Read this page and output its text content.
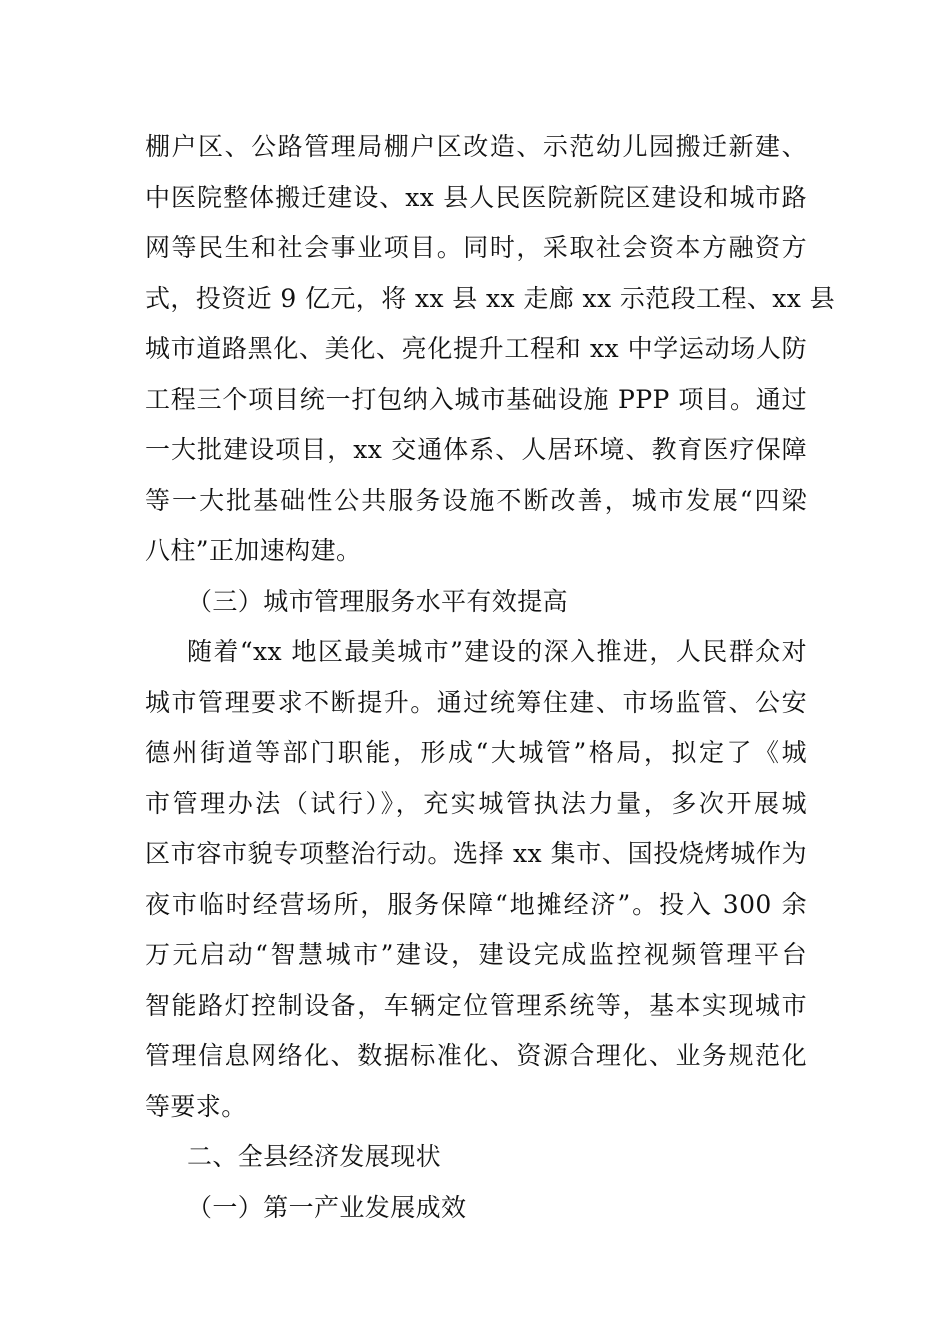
棚户区、公路管理局棚户区改造、示范幼儿园搬迁新建、
中医院整体搬迁建设、xx 县人民医院新院区建设和城市路
网等民生和社会事业项目。同时，采取社会资本方融资方
式，投资近 9 亿元，将 xx 县 xx 走廊 xx 示范段工程、xx 县
城市道路黑化、美化、亮化提升工程和 xx 中学运动场人防
工程三个项目统一打包纳入城市基础设施 PPP 项目。通过
一大批建设项目，xx 交通体系、人居环境、教育医疗保障
等一大批基础性公共服务设施不断改善，城市发展“四梁
八柱”正加速构建。
（三）城市管理服务水平有效提高
随着“xx 地区最美城市”建设的深入推进，人民群众对
城市管理要求不断提升。通过统筹住建、市场监管、公安
德州街道等部门职能，形成“大城管”格局，拟定了《城
市管理办法（试行）》，充实城管执法力量，多次开展城
区市容市貌专项整治行动。选择 xx 集市、国投烧烤城作为
夜市临时经营场所，服务保障“地摊经济”。投入 300 余
万元启动“智慧城市”建设，建设完成监控视频管理平台
智能路灯控制设备，车辆定位管理系统等，基本实现城市
管理信息网络化、数据标准化、资源合理化、业务规范化
等要求。
二、全县经济发展现状
（一）第一产业发展成效
